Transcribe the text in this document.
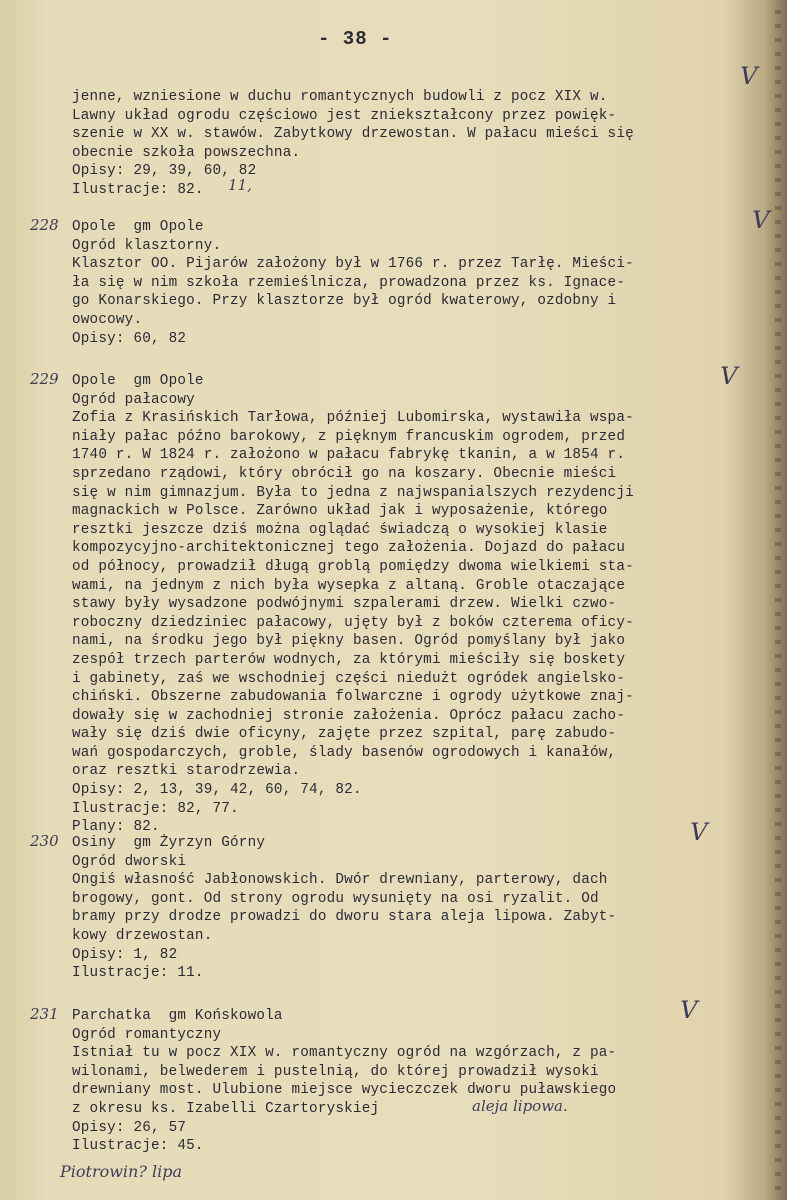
- 38 -
jenne, wzniesione w duchu romantycznych budowli z pocz XIX w.
Lawny układ ogrodu częściowo jest zniekształcony przez powięk-
szenie w XX w. stawów. Zabytkowy drzewostan. W pałacu mieści się
obecnie szkoła powszechna.
Opisy: 29, 39, 60, 82
Ilustracje: 82.	11,
V
228	V
Opole  gm Opole
Ogród klasztorny.
Klasztor OO. Pijarów założony był w 1766 r. przez Tarłę. Mieści-
ła się w nim szkoła rzemieślnicza, prowadzona przez ks. Ignace-
go Konarskiego. Przy klasztorze był ogród kwaterowy, ozdobny i
owocowy.
Opisy: 60, 82
229	V
Opole  gm Opole
Ogród pałacowy
Zofia z Krasińskich Tarłowa, później Lubomirska, wystawiła wspa-
niały pałac późno barokowy, z pięknym francuskim ogrodem, przed
1740 r. W 1824 r. założono w pałacu fabrykę tkanin, a w 1854 r.
sprzedano rządowi, który obrócił go na koszary. Obecnie mieści
się w nim gimnazjum. Była to jedna z najwspanialszych rezydencji
magnackich w Polsce. Zarówno układ jak i wyposażenie, którego
resztki jeszcze dziś można oglądać świadczą o wysokiej klasie
kompozycyjno-architektonicznej tego założenia. Dojazd do pałacu
od północy, prowadził długą groblą pomiędzy dwoma wielkiemi sta-
wami, na jednym z nich była wysepka z altaną. Groble otaczające
stawy były wysadzone podwójnymi szpalerami drzew. Wielki czwo-
roboczny dziedziniec pałacowy, ujęty był z boków czterema oficy-
nami, na środku jego był piękny basen. Ogród pomyślany był jako
zespół trzech parterów wodnych, za którymi mieściły się boskety
i gabinety, zaś we wschodniej części niedużt ogródek angielsko-
chiński. Obszerne zabudowania folwarczne i ogrody użytkowe znaj-
dowały się w zachodniej stronie założenia. Oprócz pałacu zacho-
wały się dziś dwie oficyny, zajęte przez szpital, parę zabudo-
wań gospodarczych, groble, ślady basenów ogrodowych i kanałów,
oraz resztki starodrzewia.
Opisy: 2, 13, 39, 42, 60, 74, 82.
Ilustracje: 82, 77.
Plany: 82.
230	V
Osiny  gm Żyrzyn Górny
Ogród dworski
Ongiś własność Jabłonowskich. Dwór drewniany, parterowy, dach
brogowy, gont. Od strony ogrodu wysunięty na osi ryzalit. Od
bramy przy drodze prowadzi do dworu stara aleja lipowa. Zabyt-
kowy drzewostan.
Opisy: 1, 82
Ilustracje: 11.
231	V
Parchatka  gm Końskowola
Ogród romantyczny
Istniał tu w pocz XIX w. romantyczny ogród na wzgórzach, z pa-
wilonami, belwederem i pustelnią, do której prowadził wysoki
drewniany most. Ulubione miejsce wycieczczek dworu puławskiego
z okresu ks. Izabelli Czartoryskiej
Opisy: 26, 57
Ilustracje: 45.
aleja lipowa.
Piotrowin? lipa
